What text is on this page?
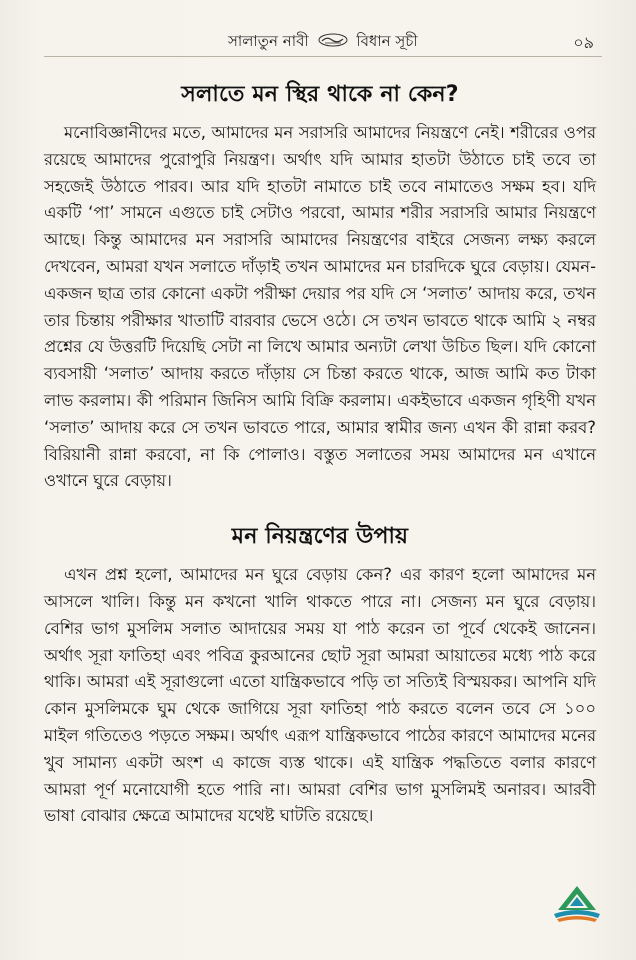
সালাতুন নাবী	বিধান সূচী	০৯
সলাতে মন স্থির থাকে না কেন?

মনোবিজ্ঞানীদের মতে, আমাদের মন সরাসরি আমাদের নিয়ন্ত্রণে নেই। শরীরের ওপর রয়েছে আমাদের পুরোপুরি নিয়ন্ত্রণ। অর্থাৎ যদি আমার হাতটা উঠাতে চাই তবে তা সহজেই উঠাতে পারব। আর যদি হাতটা নামাতে চাই তবে নামাতেও সক্ষম হব। যদি একটি ‘পা’ সামনে এগুতে চাই সেটাও পরবো, আমার শরীর সরাসরি আমার নিয়ন্ত্রণে আছে। কিন্তু আমাদের মন সরাসরি আমাদের নিয়ন্ত্রণের বাইরে সেজন্য লক্ষ্য করলে দেখবেন, আমরা যখন সলাতে দাঁড়াই তখন আমাদের মন চারদিকে ঘুরে বেড়ায়। যেমন- একজন ছাত্র তার কোনো একটা পরীক্ষা দেয়ার পর যদি সে ‘সলাত’ আদায় করে, তখন তার চিন্তায় পরীক্ষার খাতাটি বারবার ভেসে ওঠে। সে তখন ভাবতে থাকে আমি ২ নম্বর প্রশ্নের যে উত্তরটি দিয়েছি সেটা না লিখে আমার অন্যটা লেখা উচিত ছিল। যদি কোনো ব্যবসায়ী ‘সলাত’ আদায় করতে দাঁড়ায় সে চিন্তা করতে থাকে, আজ আমি কত টাকা লাভ করলাম। কী পরিমান জিনিস আমি বিক্রি করলাম। একইভাবে একজন গৃহিণী যখন ‘সলাত’ আদায় করে সে তখন ভাবতে পারে, আমার স্বামীর জন্য এখন কী রান্না করব? বিরিয়ানী রান্না করবো, না কি পোলাও। বস্তুত সলাতের সময় আমাদের মন এখানে ওখানে ঘুরে বেড়ায়।

মন নিয়ন্ত্রণের উপায়

এখন প্রশ্ন হলো, আমাদের মন ঘুরে বেড়ায় কেন? এর কারণ হলো আমাদের মন আসলে খালি। কিন্তু মন কখনো খালি থাকতে পারে না। সেজন্য মন ঘুরে বেড়ায়। বেশির ভাগ মুসলিম সলাত আদায়ের সময় যা পাঠ করেন তা পূর্বে থেকেই জানেন। অর্থাৎ সূরা ফাতিহা এবং পবিত্র কুরআনের ছোট সূরা আমরা আয়াতের মধ্যে পাঠ করে থাকি। আমরা এই সূরাগুলো এতো যান্ত্রিকভাবে পড়ি তা সত্যিই বিস্ময়কর। আপনি যদি কোন মুসলিমকে ঘুম থেকে জাগিয়ে সূরা ফাতিহা পাঠ করতে বলেন তবে সে ১০০ মাইল গতিতেও পড়তে সক্ষম। অর্থাৎ এরূপ যান্ত্রিকভাবে পাঠের কারণে আমাদের মনের খুব সামান্য একটা অংশ এ কাজে ব্যস্ত থাকে। এই যান্ত্রিক পদ্ধতিতে বলার কারণে আমরা পূর্ণ মনোযোগী হতে পারি না। আমরা বেশির ভাগ মুসলিমই অনারব। আরবী ভাষা বোঝার ক্ষেত্রে আমাদের যথেষ্ট ঘাটতি রয়েছে।
